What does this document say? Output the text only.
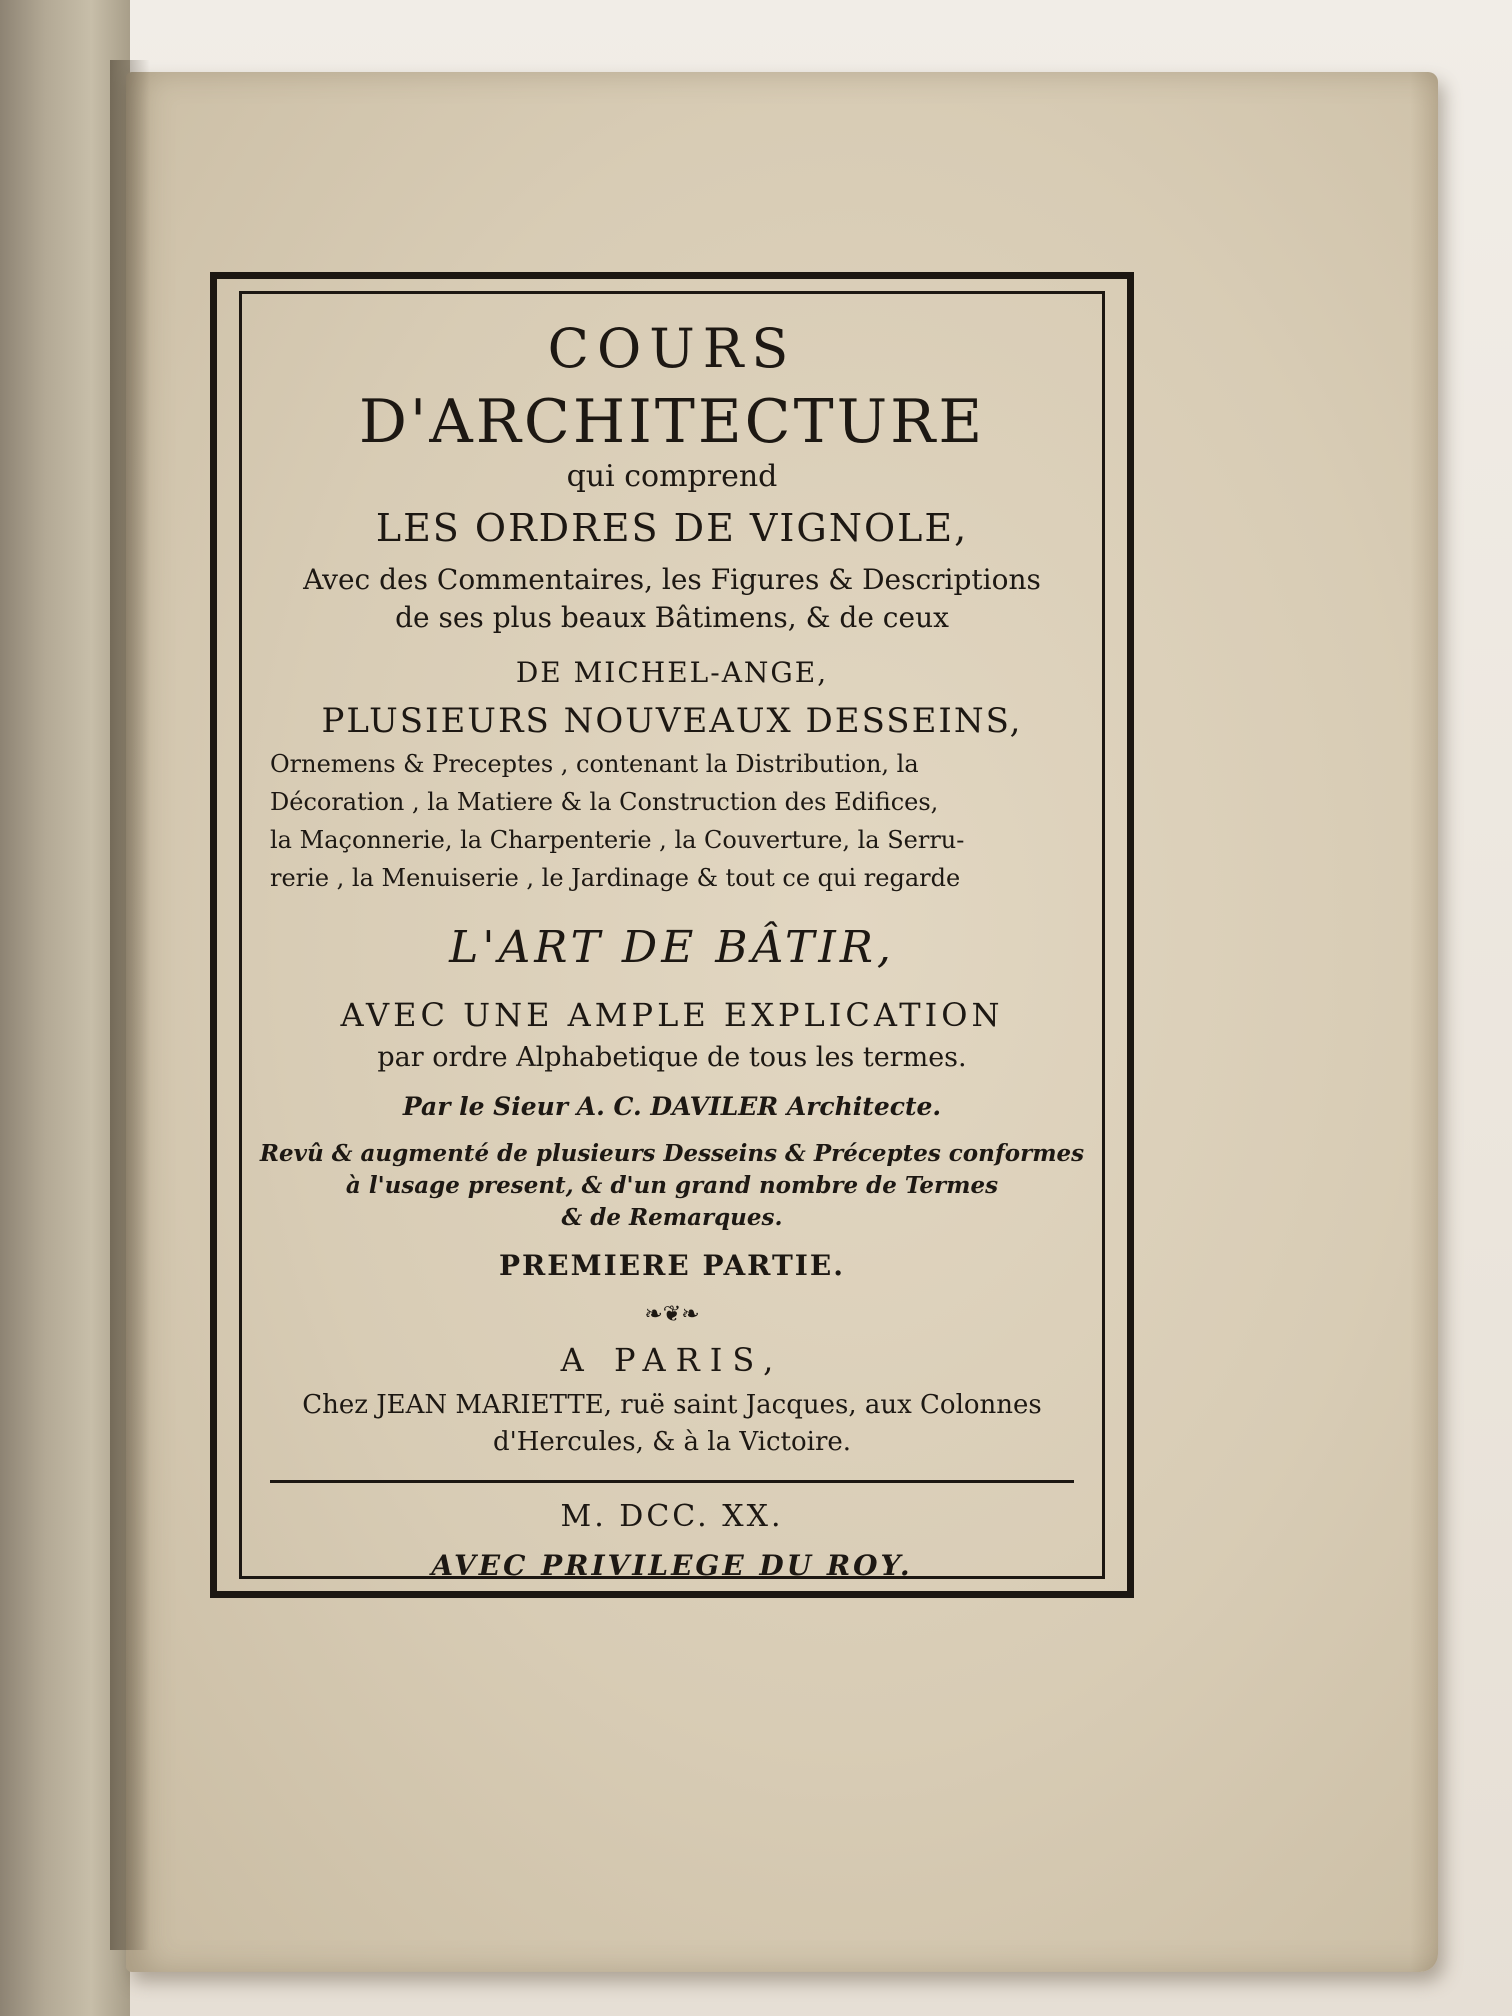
COURS
D'ARCHITECTURE
qui comprend
LES ORDRES DE VIGNOLE,
Avec des Commentaires, les Figures & Descriptions
de ses plus beaux Bâtimens, & de ceux
DE MICHEL-ANGE,
PLUSIEURS NOUVEAUX DESSEINS,
Ornemens & Preceptes , contenant la Distribution, la
Décoration , la Matiere & la Construction des Edifices,
la Maçonnerie, la Charpenterie , la Couverture, la Serru-
rerie , la Menuiserie , le Jardinage & tout ce qui regarde
L'ART DE BÂTIR,
AVEC UNE AMPLE EXPLICATION
par ordre Alphabetique de tous les termes.
Par le Sieur A. C. DAVILER Architecte.
Revû & augmenté de plusieurs Desseins & Préceptes conformes
à l'usage present, & d'un grand nombre de Termes
& de Remarques.
PREMIERE PARTIE.
❧❦❧
A PARIS,
Chez JEAN MARIETTE, ruë saint Jacques, aux Colonnes
d'Hercules, & à la Victoire.
M. DCC. XX.
AVEC PRIVILEGE DU ROY.
